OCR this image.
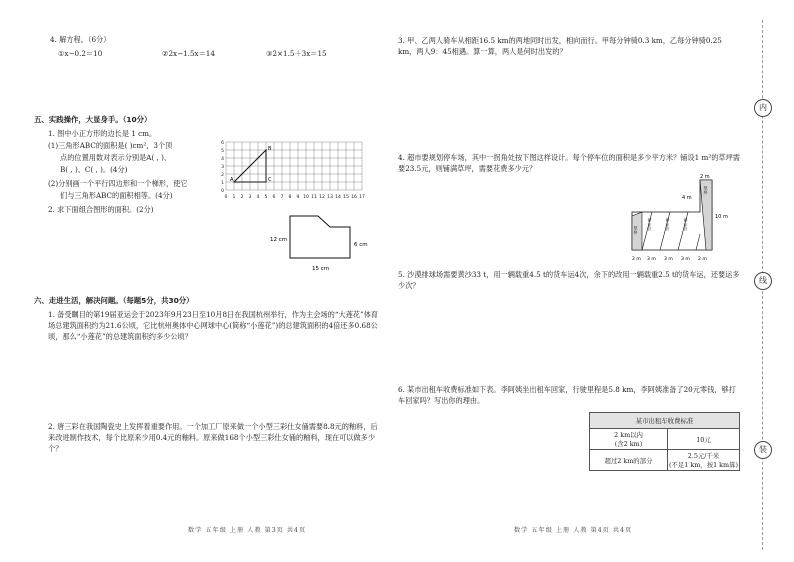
4. 解方程。（6分）
①x−0.2＝10	②2x−1.5x＝14	③2×1.5＋3x＝15
五、实践操作，大显身手。（10分）
1. 图中小正方形的边长是 1 cm。
(1)三角形ABC的面积是( )cm²，3个顶
点的位置用数对表示分别是A( , )、
B( , )、C( , )。(4分)
(2)分别画一个平行四边形和一个梯形，使它
们与三角形ABC的面积相等。(4分)
2. 求下面组合图形的面积。(2分)
A
B
C
0 1 2 3 4 5 6 7 8 9 10 11 12 13 14 15 16 17
0
1
2
3
4
5
6
12 cm
6 cm
15 cm
六、走进生活，解决问题。（每题5分，共30分）
1. 备受瞩目的第19届亚运会于2023年9月23日至10月8日在我国杭州举行，作为主会场的“大莲花”体育场总建筑面积约为21.6公顷，它比杭州奥体中心网球中心(简称“小莲花”)的总建筑面积的4倍还多0.68公顷，那么“小莲花”的总建筑面积约多少公顷？
2. 唐三彩在我国陶瓷史上发挥着重要作用。一个加工厂原来做一个小型三彩仕女俑需要8.8元的釉料，后来改进制作技术，每个比原来少用0.4元的釉料。原来做168个小型三彩仕女俑的釉料，现在可以做多少个？
数学 五年级 上册 人教 第3页 共4页
3. 甲、乙两人骑车从相距16.5 km的两地同时出发，相向而行。甲每分钟骑0.3 km，乙每分钟骑0.25 km，两人9：45相遇。算一算，两人是何时出发的？
4. 超市要规划停车场，其中一拐角处按下图这样设计。每个停车位的面积是多少平方米？铺设1 m²的草坪需要23.5元，则铺满草坪，需要花费多少元？
2 m
4 m
10 m
2 m 3 m 3 m 3 m 2 m
停车位	停车位	停车位
草坪
草坪
5. 沙漠排球场需要黄沙33 t，用一辆载重4.5 t的货车运4次，余下的改用一辆载重2.5 t的货车运，还要运多少次？
6. 某市出租车收费标准如下表。李阿姨坐出租车回家，行驶里程是5.8 km，李阿姨准备了20元零钱，够打车回家吗？写出你的理由。
某市出租车收费标准	
2 km以内
(含2 km)	10元
超过2 km的部分	2.5元/千米
(不足1 km，按1 km算)
数学 五年级 上册 人教 第4页 共4页
内
线
装
